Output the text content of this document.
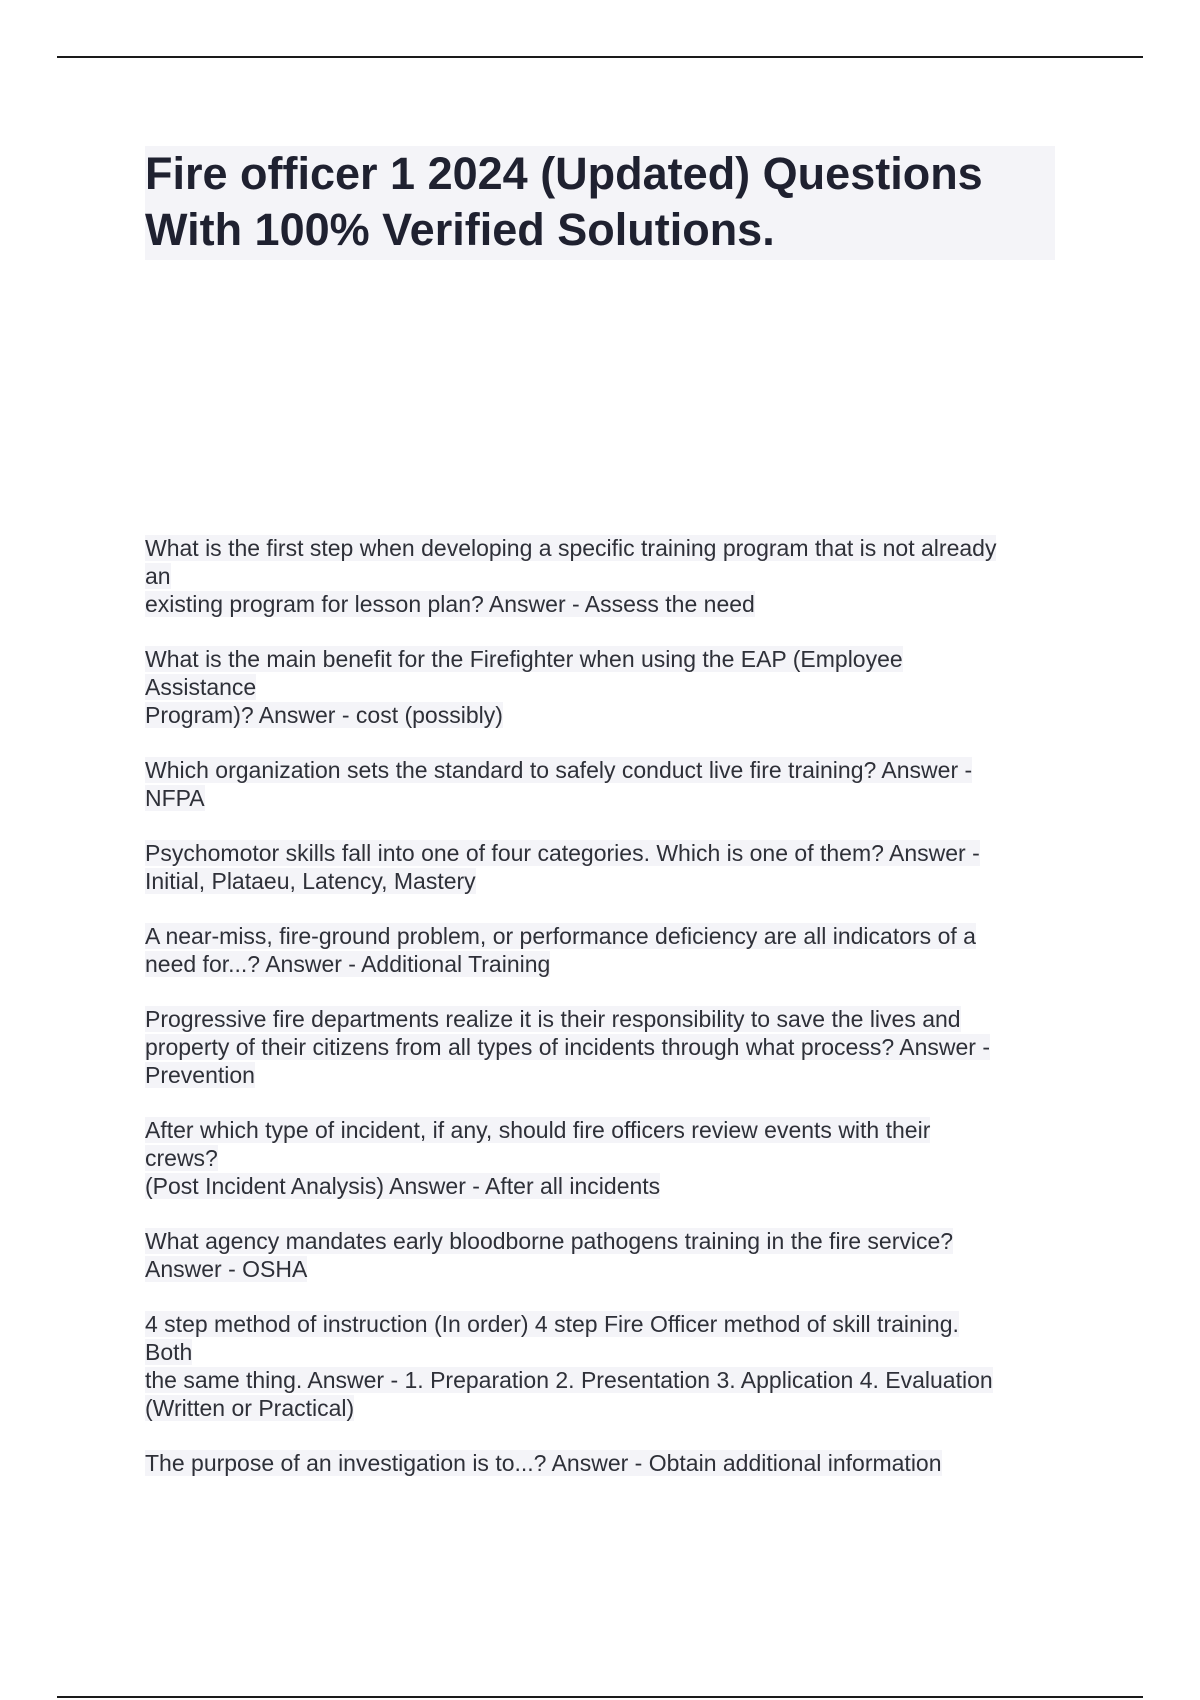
Fire officer 1 2024 (Updated) Questions
With 100% Verified Solutions.
What is the first step when developing a specific training program that is not already
an
existing program for lesson plan? Answer - Assess the need
What is the main benefit for the Firefighter when using the EAP (Employee
Assistance
Program)? Answer - cost (possibly)
Which organization sets the standard to safely conduct live fire training? Answer -
NFPA
Psychomotor skills fall into one of four categories. Which is one of them? Answer -
Initial, Plataeu, Latency, Mastery
A near-miss, fire-ground problem, or performance deficiency are all indicators of a
need for...? Answer - Additional Training
Progressive fire departments realize it is their responsibility to save the lives and
property of their citizens from all types of incidents through what process? Answer -
Prevention
After which type of incident, if any, should fire officers review events with their
crews?
(Post Incident Analysis) Answer - After all incidents
What agency mandates early bloodborne pathogens training in the fire service?
Answer - OSHA
4 step method of instruction (In order) 4 step Fire Officer method of skill training.
Both
the same thing. Answer - 1. Preparation 2. Presentation 3. Application 4. Evaluation
(Written or Practical)
The purpose of an investigation is to...? Answer - Obtain additional information
